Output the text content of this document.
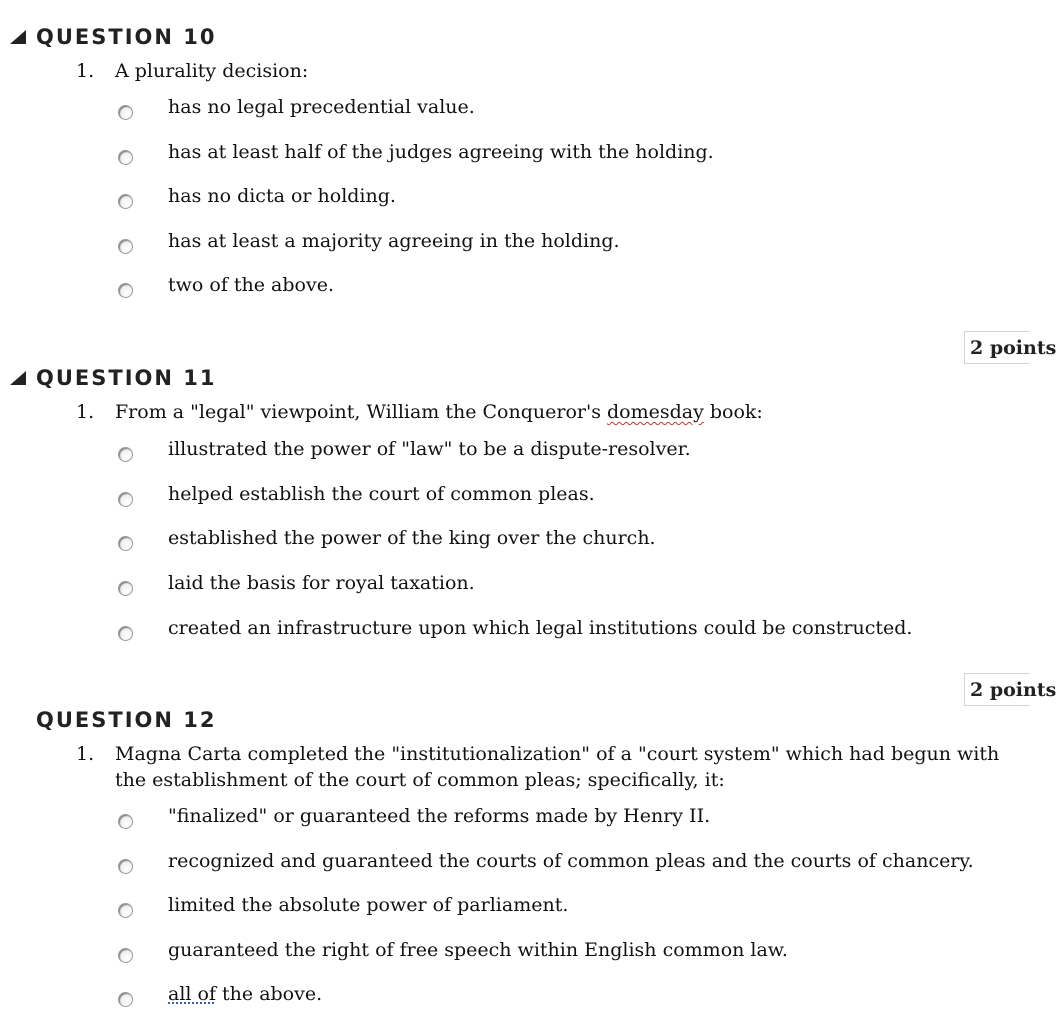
QUESTION 10
1. A plurality decision:
has no legal precedential value.
has at least half of the judges agreeing with the holding.
has no dicta or holding.
has at least a majority agreeing in the holding.
two of the above.
2 points
QUESTION 11
1. From a "legal" viewpoint, William the Conqueror's domesday book:
illustrated the power of "law" to be a dispute-resolver.
helped establish the court of common pleas.
established the power of the king over the church.
laid the basis for royal taxation.
created an infrastructure upon which legal institutions could be constructed.
2 points
QUESTION 12
1. Magna Carta completed the "institutionalization" of a "court system" which had begun with the establishment of the court of common pleas; specifically, it:
"finalized" or guaranteed the reforms made by Henry II.
recognized and guaranteed the courts of common pleas and the courts of chancery.
limited the absolute power of parliament.
guaranteed the right of free speech within English common law.
all of the above.
